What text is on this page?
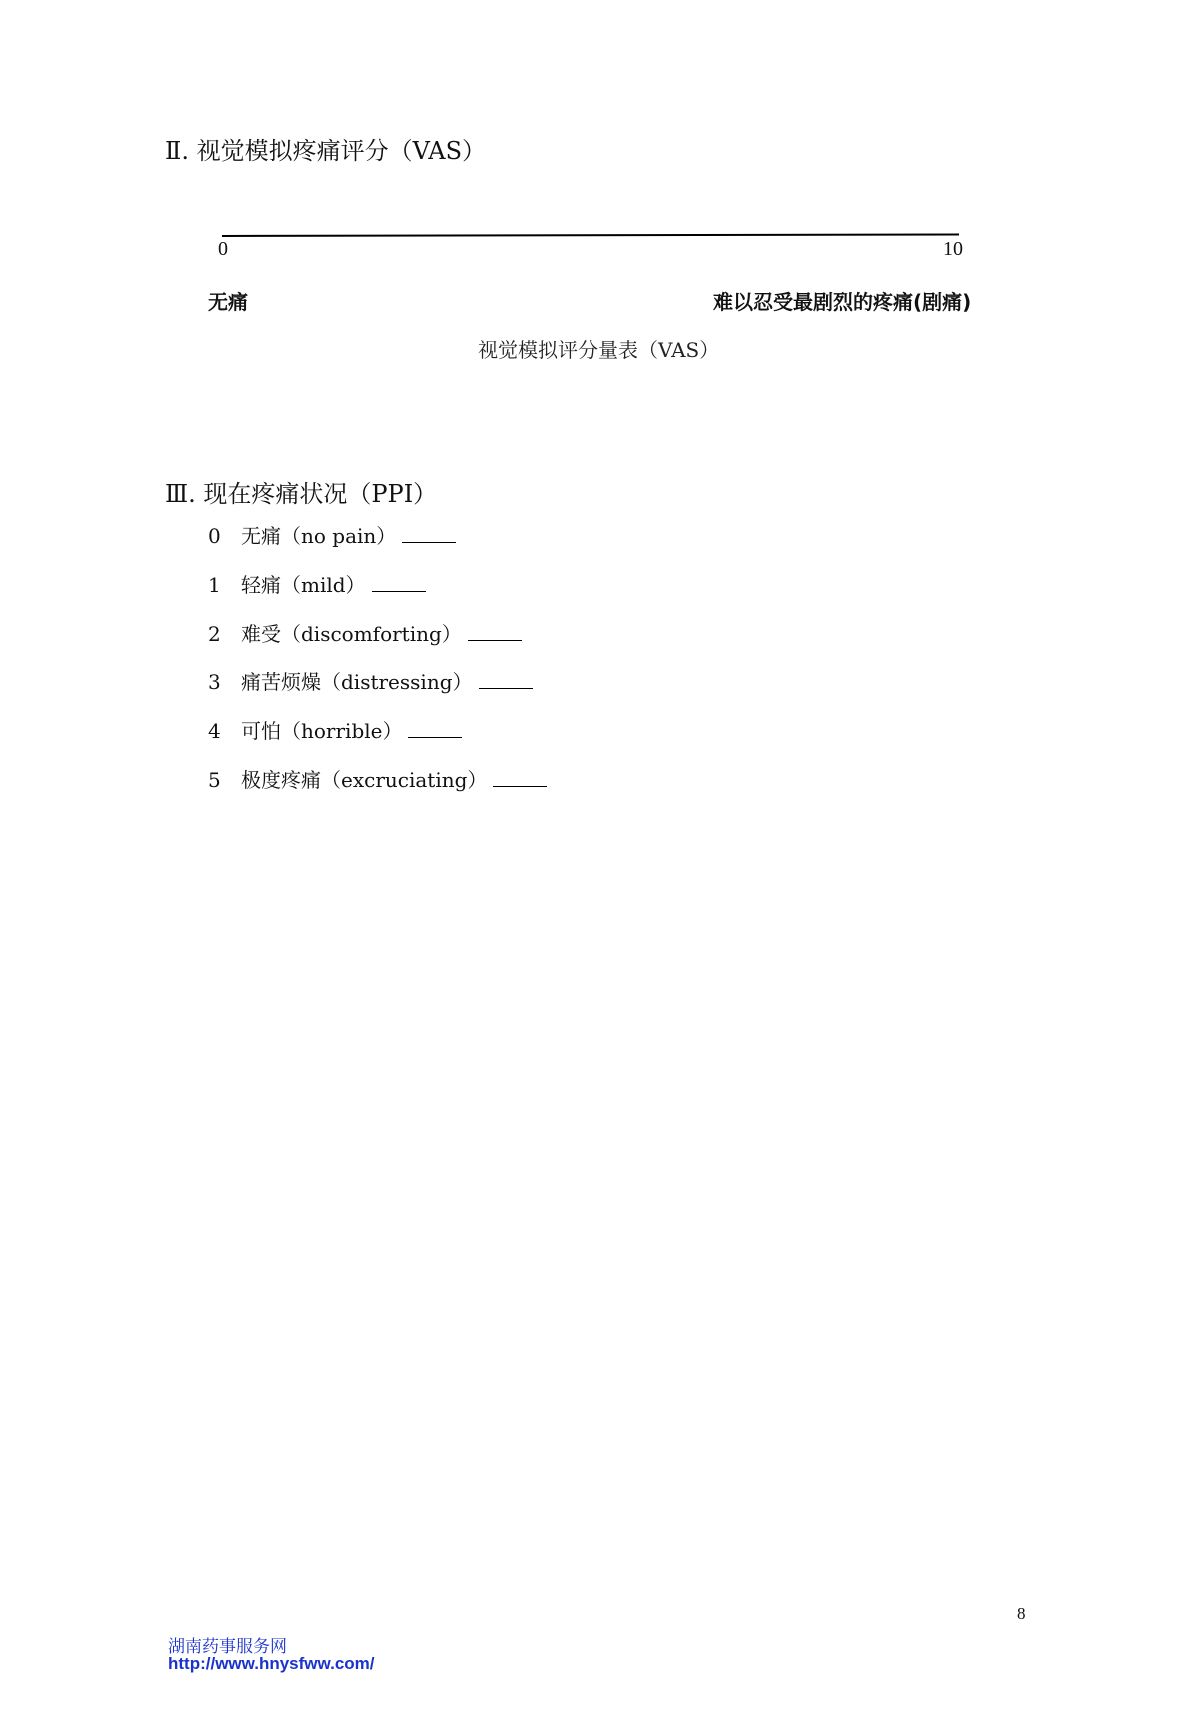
Ⅱ. 视觉模拟疼痛评分（VAS）
0	10
无痛	难以忍受最剧烈的疼痛(剧痛)
视觉模拟评分量表（VAS）
Ⅲ. 现在疼痛状况（PPI）
0 无痛（no pain）
1 轻痛（mild）
2 难受（discomforting）
3 痛苦烦燥（distressing）
4 可怕（horrible）
5 极度疼痛（excruciating）
8
湖南药事服务网
http://www.hnysfww.com/
